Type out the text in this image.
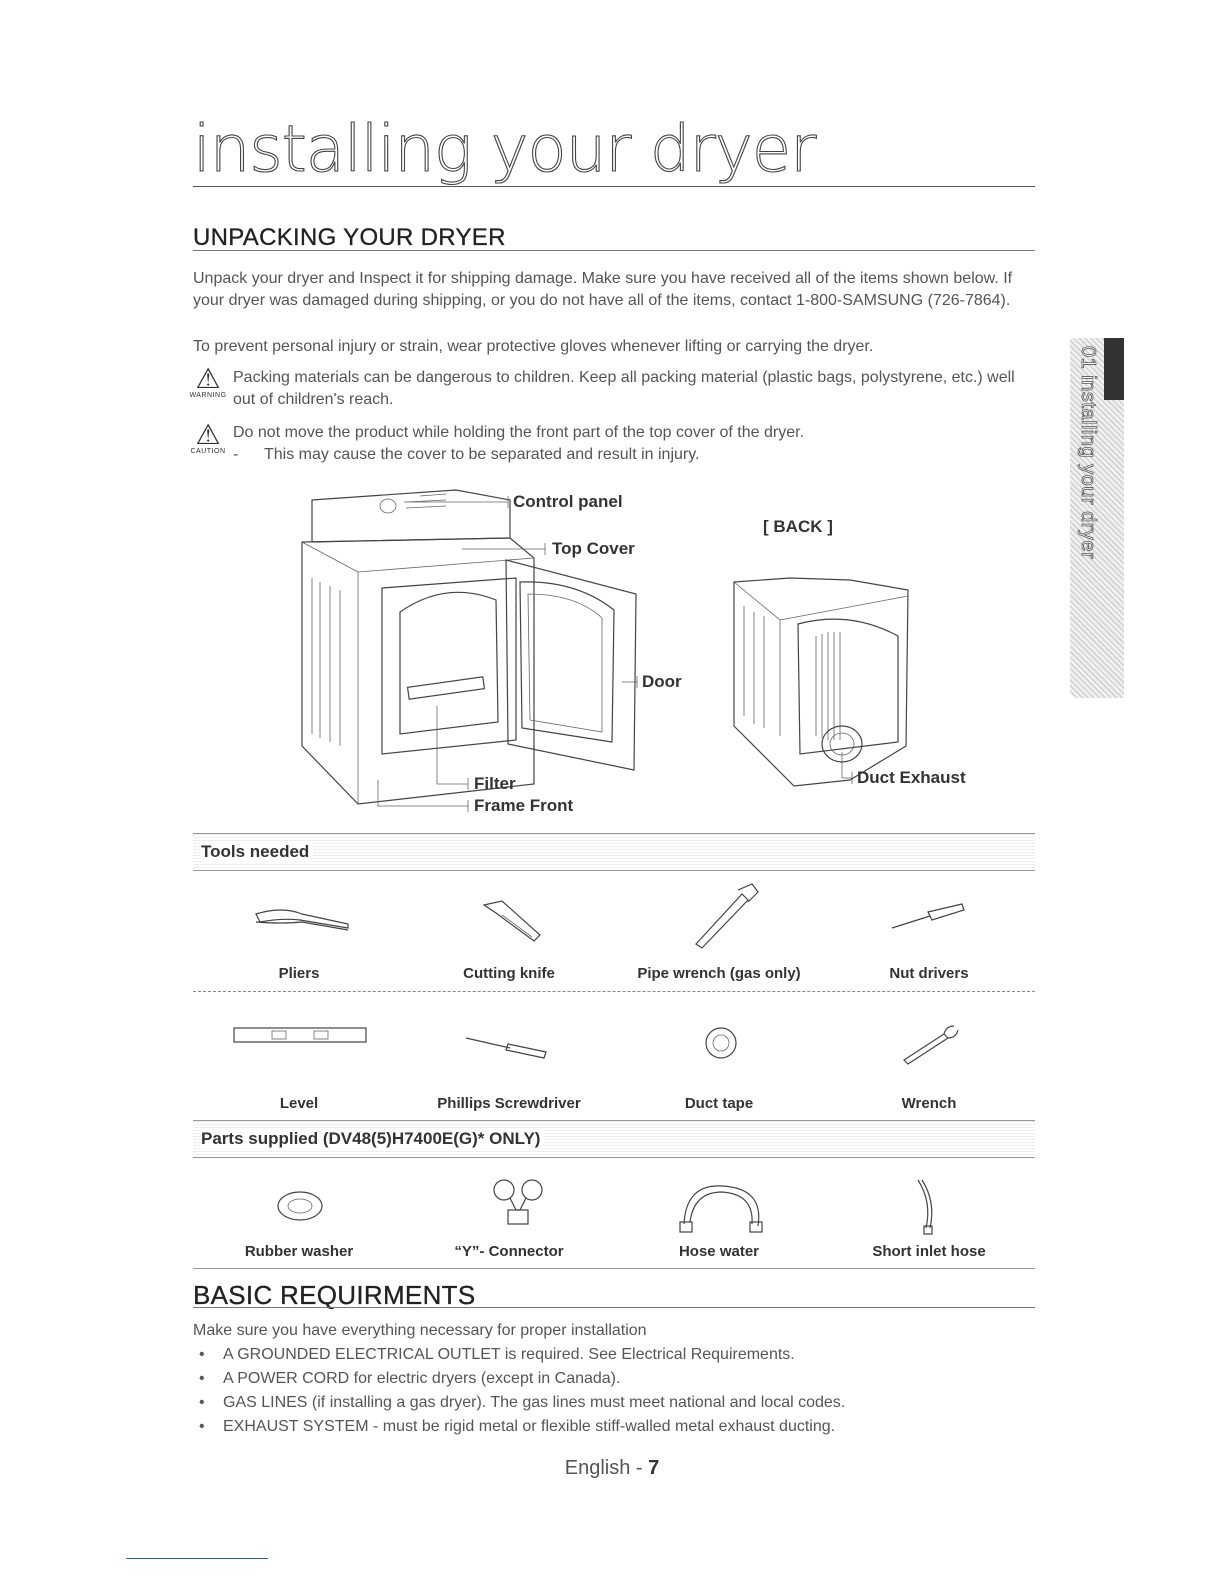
installing your dryer
01 installing your dryer
UNPACKING YOUR DRYER
Unpack your dryer and Inspect it for shipping damage. Make sure you have received all of the items shown below. If your dryer was damaged during shipping, or you do not have all of the items, contact 1-800-SAMSUNG (726-7864).
To prevent personal injury or strain, wear protective gloves whenever lifting or carrying the dryer.
⚠
WARNING
Packing materials can be dangerous to children. Keep all packing material (plastic bags, polystyrene, etc.) well out of children's reach.
⚠
CAUTION
Do not move the product while holding the front part of the top cover of the dryer.
- This may cause the cover to be separated and result in injury.
Control panel
Top Cover
Door
Filter
Frame Front
[ BACK ]
Duct Exhaust
Tools needed
Pliers	Cutting knife	Pipe wrench (gas only)	Nut drivers
Level	Phillips Screwdriver	Duct tape	Wrench
Parts supplied (DV48(5)H7400E(G)* ONLY)
Rubber washer	“Y”- Connector	Hose water	Short inlet hose
BASIC REQUIRMENTS
Make sure you have everything necessary for proper installation
• A GROUNDED ELECTRICAL OUTLET is required. See Electrical Requirements.
• A POWER CORD for electric dryers (except in Canada).
• GAS LINES (if installing a gas dryer). The gas lines must meet national and local codes.
• EXHAUST SYSTEM - must be rigid metal or flexible stiff-walled metal exhaust ducting.
English - 7
